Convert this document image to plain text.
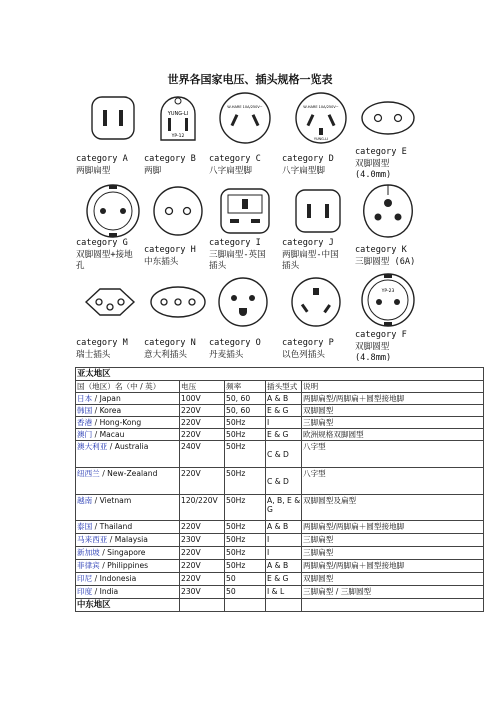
世界各国家电压、插头规格一览表
YUNG-LI
YP-12
W-HARE 10A/250V~	W-HARE 10A/250V~
YUNG-LI
category A
两脚扁型
category B
两脚
category C
八字扁型脚
category D
八字扁型脚
category E
双脚圆型
(4.0mm)
category G
双脚圆型+接地
孔
category H
中东插头
category I
三脚扁型-英国
插头
category J
两脚扁型-中国
插头
category K
三脚圆型 (6A)
YP-23
category M
瑞士插头
category N
意大利插头
category O
丹麦插头
category P
以色列插头
category F
双脚圆型
(4.8mm)
亚太地区				
国（地区）名（中 / 英）	电压	频率	插头型式	说明
日本 / Japan	100V	50, 60	A & B	两脚扁型/两脚扁＋圆型接地脚
韩国 / Korea	220V	50, 60	E & G	双脚圆型
香港 / Hong-Kong	220V	50Hz	I	三脚扁型
澳门 / Macau	220V	50Hz	E & G	欧洲规格双脚圆型
澳大利亚 / Australia	240V	50Hz	C & D	八字型
纽西兰 / New-Zealand	220V	50Hz	C & D	八字型
越南 / Vietnam	120/220V	50Hz	A, B, E &
G	双脚圆型及扁型
泰国 / Thailand	220V	50Hz	A & B	两脚扁型/两脚扁＋圆型接地脚
马来西亚 / Malaysia	230V	50Hz	I	三脚扁型
新加坡 / Singapore	220V	50Hz	I	三脚扁型
菲律宾 / Philippines	220V	50Hz	A & B	两脚扁型/两脚扁＋圆型接地脚
印尼 / Indonesia	220V	50	E & G	双脚圆型
印度 / India	230V	50	I & L	三脚扁型 / 三脚圆型
中东地区				
